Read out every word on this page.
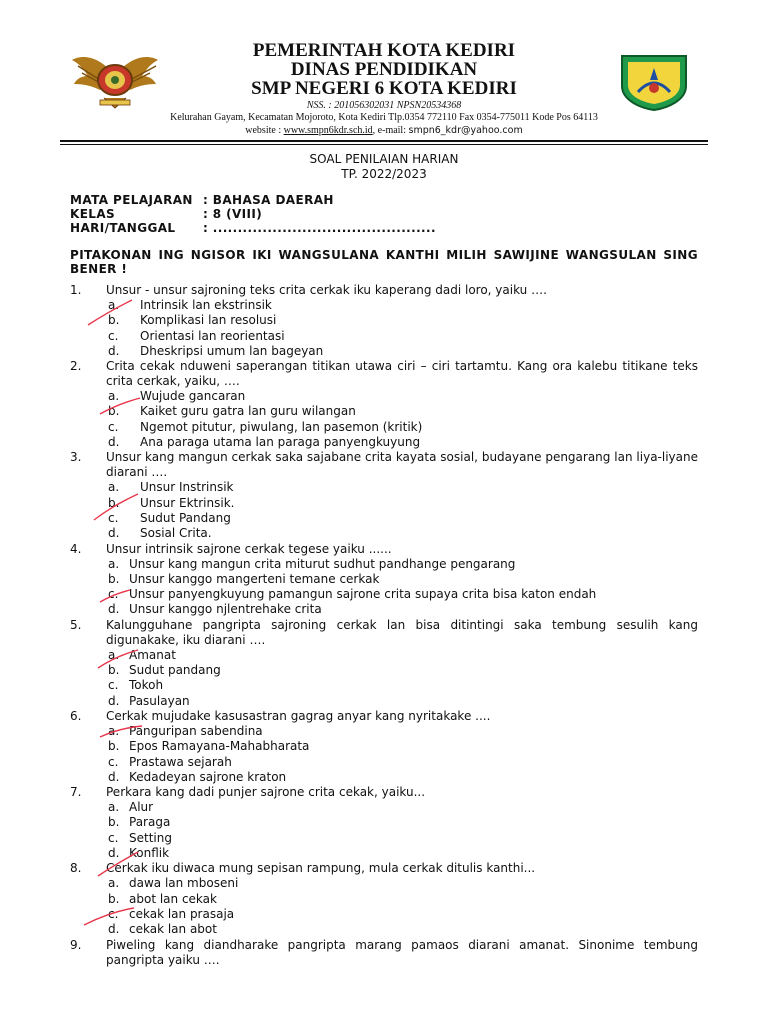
PEMERINTAH KOTA KEDIRI
DINAS PENDIDIKAN
SMP NEGERI 6 KOTA KEDIRI
NSS. : 201056302031 NPSN20534368
Kelurahan Gayam, Kecamatan Mojoroto, Kota Kediri Tlp.0354 772110 Fax 0354-775011 Kode Pos 64113
website : www.smpn6kdr.sch.id, e-mail: smpn6_kdr@yahoo.com
SOAL PENILAIAN HARIAN
TP. 2022/2023
MATA PELAJARAN : BAHASA DAERAH
KELAS	: 8 (VIII)
HARI/TANGGAL	: .............................................
PITAKONAN ING NGISOR IKI WANGSULANA KANTHI MILIH SAWIJINE WANGSULAN SING BENER !
1. Unsur - unsur sajroning teks crita cerkak iku kaperang dadi loro, yaiku ….
a. Intrinsik lan ekstrinsik
b. Komplikasi lan resolusi
c. Orientasi lan reorientasi
d. Dheskripsi umum lan bageyan
2. Crita cekak nduweni saperangan titikan utawa ciri – ciri tartamtu. Kang ora kalebu titikane teks crita cerkak, yaiku, ….
a. Wujude gancaran
b. Kaiket guru gatra lan guru wilangan
c. Ngemot pitutur, piwulang, lan pasemon (kritik)
d. Ana paraga utama lan paraga panyengkuyung
3. Unsur kang mangun cerkak saka sajabane crita kayata sosial, budayane pengarang lan liya-liyane diarani ….
a. Unsur Instrinsik
b. Unsur Ektrinsik.
c. Sudut Pandang
d. Sosial Crita.
4. Unsur intrinsik sajrone cerkak tegese yaiku ......
a. Unsur kang mangun crita miturut sudhut pandhange pengarang
b. Unsur kanggo mangerteni temane cerkak
c. Unsur panyengkuyung pamangun sajrone crita supaya crita bisa katon endah
d. Unsur kanggo njlentrehake crita
5. Kalungguhane pangripta sajroning cerkak lan bisa ditintingi saka tembung sesulih kang digunakake, iku diarani ….
a. Amanat
b. Sudut pandang
c. Tokoh
d. Pasulayan
6. Cerkak mujudake kasusastran gagrag anyar kang nyritakake ....
a. Panguripan sabendina
b. Epos Ramayana-Mahabharata
c. Prastawa sejarah
d. Kedadeyan sajrone kraton
7. Perkara kang dadi punjer sajrone crita cekak, yaiku...
a. Alur
b. Paraga
c. Setting
d. Konflik
8. Cerkak iku diwaca mung sepisan rampung, mula cerkak ditulis kanthi...
a. dawa lan mboseni
b. abot lan cekak
c. cekak lan prasaja
d. cekak lan abot
9. Piweling kang diandharake pangripta marang pamaos diarani amanat. Sinonime tembung pangripta yaiku ….
